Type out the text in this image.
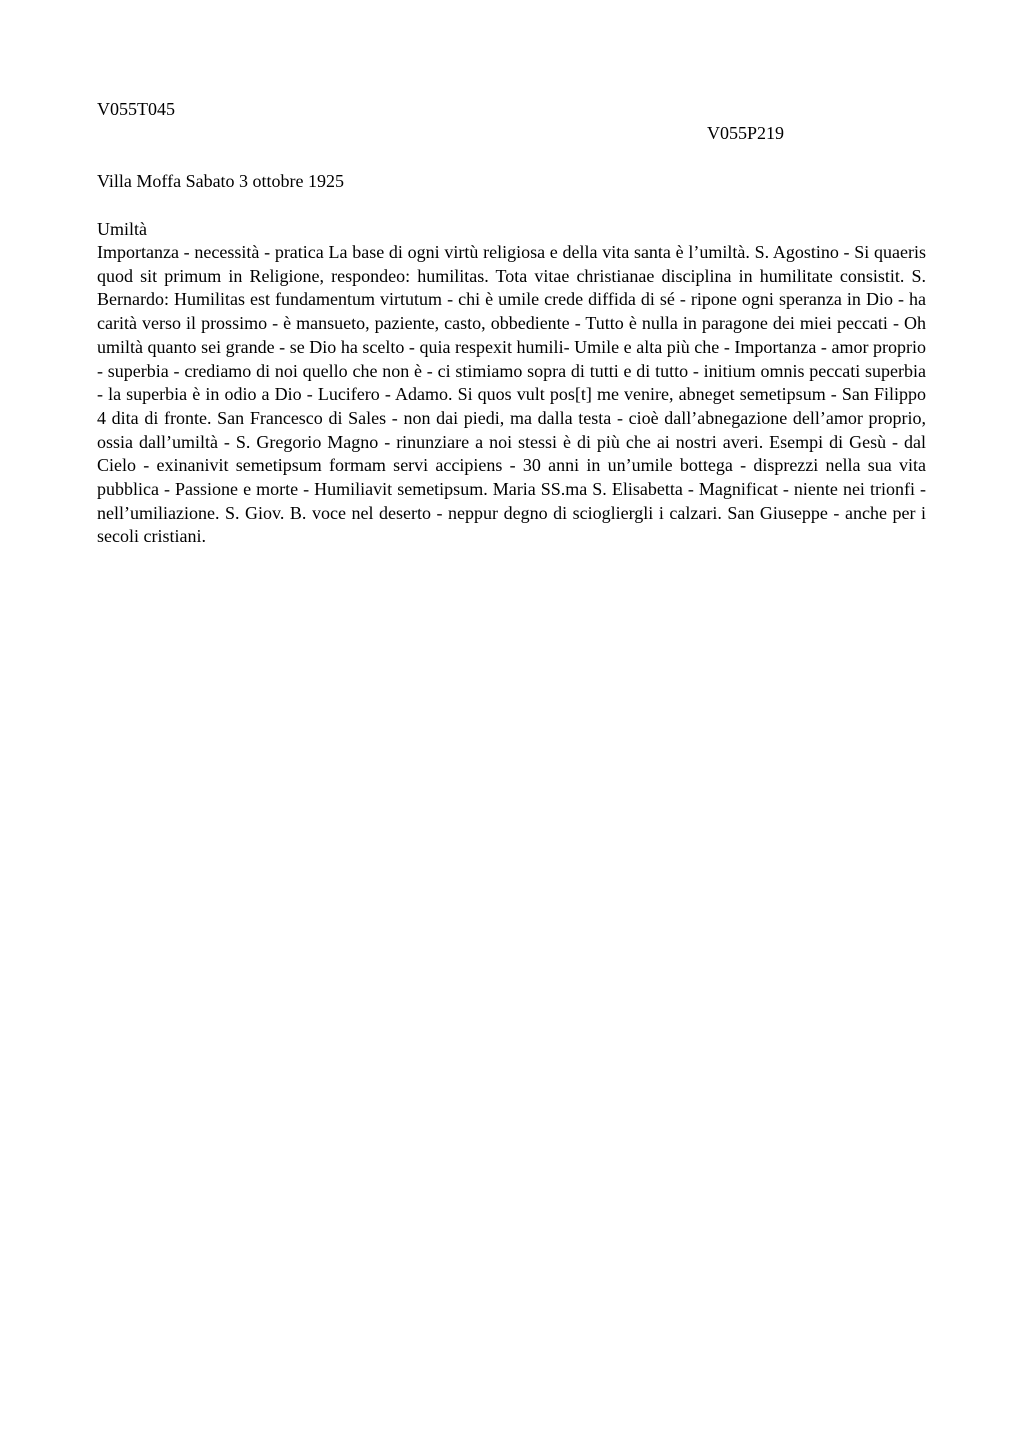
V055T045
V055P219
Villa Moffa Sabato 3 ottobre 1925
Umiltà

Importanza - necessità - pratica La base di ogni virtù religiosa e della vita santa è l’umiltà. S. Agostino - Si quaeris quod sit primum in Religione, respondeo: humilitas. Tota vitae christianae disciplina in humilitate consistit. S. Bernardo: Humilitas est fundamentum virtutum - chi è umile crede diffida di sé - ripone ogni speranza in Dio - ha carità verso il prossimo - è mansueto, paziente, casto, obbediente - Tutto è nulla in paragone dei miei peccati - Oh umiltà quanto sei grande - se Dio ha scelto - quia respexit humili- Umile e alta più che - Importanza - amor proprio - superbia - crediamo di noi quello che non è - ci stimiamo sopra di tutti e di tutto - initium omnis peccati superbia - la superbia è in odio a Dio - Lucifero - Adamo. Si quos vult pos[t] me venire, abneget semetipsum - San Filippo 4 dita di fronte. San Francesco di Sales - non dai piedi, ma dalla testa - cioè dall’abnegazione dell’amor proprio, ossia dall’umiltà - S. Gregorio Magno - rinunziare a noi stessi è di più che ai nostri averi. Esempi di Gesù - dal Cielo - exinanivit semetipsum formam servi accipiens - 30 anni in un’umile bottega - disprezzi nella sua vita pubblica - Passione e morte - Humiliavit semetipsum. Maria SS.ma S. Elisabetta - Magnificat - niente nei trionfi - nell’umiliazione. S. Giov. B. voce nel deserto - neppur degno di sciogliergli i calzari. San Giuseppe - anche per i secoli cristiani.
